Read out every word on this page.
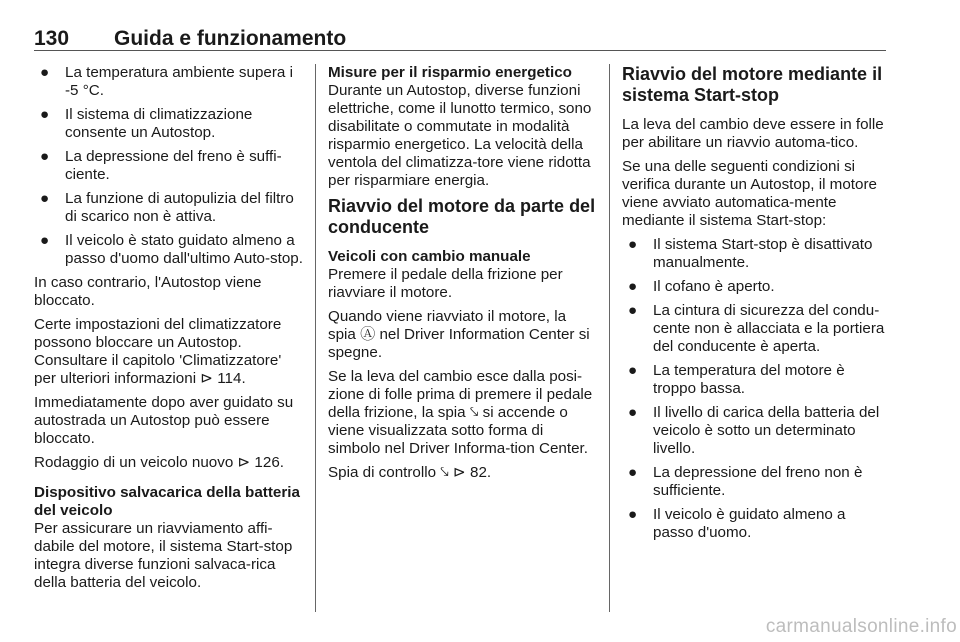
130 Guida e funzionamento
● La temperatura ambiente supera i -5 °C.
● Il sistema di climatizzazione consente un Autostop.
● La depressione del freno è suffi-ciente.
● La funzione di autopulizia del filtro di scarico non è attiva.
● Il veicolo è stato guidato almeno a passo d'uomo dall'ultimo Auto-stop.

In caso contrario, l'Autostop viene bloccato.

Certe impostazioni del climatizzatore possono bloccare un Autostop. Consultare il capitolo 'Climatizzatore' per ulteriori informazioni ⊳ 114.

Immediatamente dopo aver guidato su autostrada un Autostop può essere bloccato.

Rodaggio di un veicolo nuovo ⊳ 126.

Dispositivo salvacarica della batteria del veicolo

Per assicurare un riavviamento affi-dabile del motore, il sistema Start-stop integra diverse funzioni salvaca-rica della batteria del veicolo.

Misure per il risparmio energetico

Durante un Autostop, diverse funzioni elettriche, come il lunotto termico, sono disabilitate o commutate in modalità risparmio energetico. La velocità della ventola del climatizza-tore viene ridotta per risparmiare energia.

Riavvio del motore da parte del conducente

Veicoli con cambio manuale

Premere il pedale della frizione per riavviare il motore.

Quando viene riavviato il motore, la spia Ⓐ nel Driver Information Center si spegne.

Se la leva del cambio esce dalla posi-zione di folle prima di premere il pedale della frizione, la spia ⤥ si accende o viene visualizzata sotto forma di simbolo nel Driver Informa-tion Center.

Spia di controllo ⤥ ⊳ 82.

Riavvio del motore mediante il sistema Start-stop

La leva del cambio deve essere in folle per abilitare un riavvio automa-tico.

Se una delle seguenti condizioni si verifica durante un Autostop, il motore viene avviato automatica-mente mediante il sistema Start-stop:

● Il sistema Start-stop è disattivato manualmente.
● Il cofano è aperto.
● La cintura di sicurezza del condu-cente non è allacciata e la portiera del conducente è aperta.
● La temperatura del motore è troppo bassa.
● Il livello di carica della batteria del veicolo è sotto un determinato livello.
● La depressione del freno non è sufficiente.
● Il veicolo è guidato almeno a passo d'uomo.
carmanualsonline.info
